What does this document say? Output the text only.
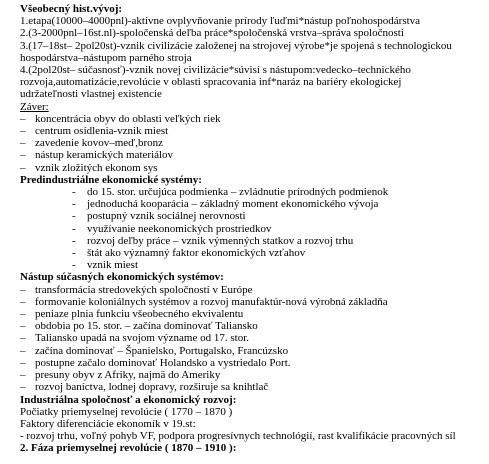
Všeobecný hist.vývoj:
1.etapa(10000–4000pnl)-aktívne ovplyvňovanie prírody ľuďmi*nástup poľnohospodárstva
2.(3-2000pnl–16st.nl)-spoločenská deľba práce*spoločenská vrstva–správa spoločnosti
3.(17–18st– 2pol20st)-vznik civilizácie založenej na strojovej výrobe*je spojená s technologickou
hospodárstva–nástupom parného stroja
4.(2pol20st– súčasnosť)-vznik novej civilizácie*súvisí s nástupom:vedecko–technického
rozvoja,automatizácie,revolúcie v oblasti spracovania inf*naráz na bariéry ekologickej
udržateľnosti vlastnej existencie
Záver:
– koncentrácia obyv do oblasti veľkých riek
– centrum osídlenia-vznik miest
– zavedenie kovov–meď,bronz
– nástup keramických materiálov
– vznik zložitých ekonom sys
Predindustriálne ekonomické systémy:
- do 15. stor. určujúca podmienka – zvládnutie prírodných podmienok
- jednoduchá kooparácia – základný moment ekonomického vývoja
- postupný vznik sociálnej nerovnosti
- využívanie neekonomických prostriedkov
- rozvoj deľby práce – vznik výmenných statkov a rozvoj trhu
- štát ako významný faktor ekonomických vzťahov
- vznik miest
Nástup súčasných ekonomických systémov:
– transformácia stredovekých spoločností v Európe
– formovanie koloniálnych systémov a rozvoj manufaktúr-nová výrobná základňa
– peniaze plnia funkciu všeobecného ekvivalentu
– obdobia po 15. stor. – začína dominovať Taliansko
– Taliansko upadá na svojom význame od 17. stor.
– začína dominovať – Španielsko, Portugalsko, Francúzsko
– postupne začalo dominovať Holandsko a vystriedalo Port.
– presuny obyv z Afriky, najmä do Ameriky
– rozvoj baníctva, lodnej dopravy, rozširuje sa knihtlač
Industriálna spoločnosť a ekonomický rozvoj:
Počiatky priemyselnej revolúcie ( 1770 – 1870 )
Faktory diferenciácie ekonomík v 19.st:
- rozvoj trhu, voľný pohyb VF, podpora progresívnych technológií, rast kvalifikácie pracovných síl
2. Fáza priemyselnej revolúcie ( 1870 – 1910 ):
